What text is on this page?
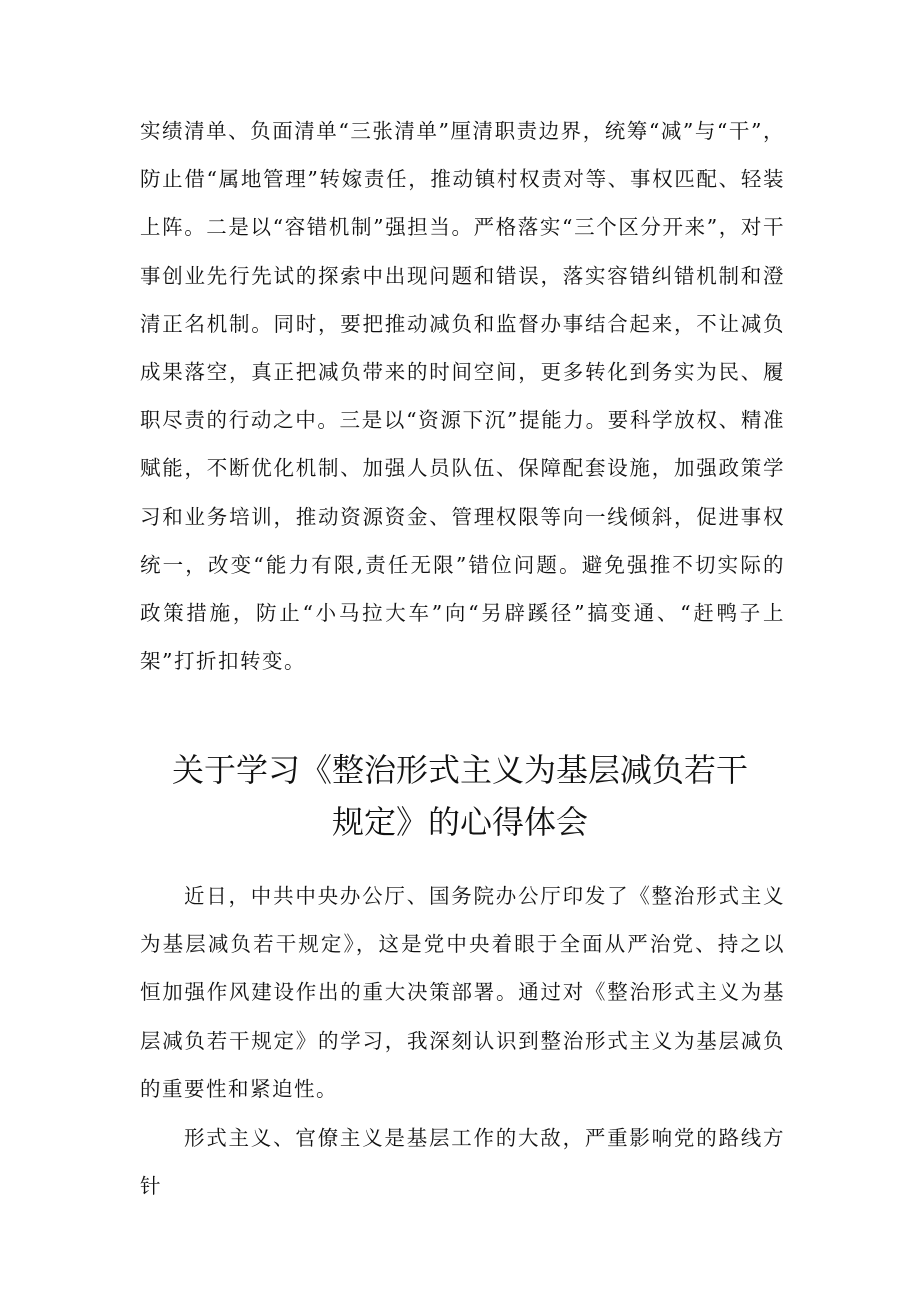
实绩清单、负面清单“三张清单”厘清职责边界，统筹“减”与“干”，防止借“属地管理”转嫁责任，推动镇村权责对等、事权匹配、轻装上阵。二是以“容错机制”强担当。严格落实“三个区分开来”，对干事创业先行先试的探索中出现问题和错误，落实容错纠错机制和澄清正名机制。同时，要把推动减负和监督办事结合起来，不让减负成果落空，真正把减负带来的时间空间，更多转化到务实为民、履职尽责的行动之中。三是以“资源下沉”提能力。要科学放权、精准赋能，不断优化机制、加强人员队伍、保障配套设施，加强政策学习和业务培训，推动资源资金、管理权限等向一线倾斜，促进事权统一，改变“能力有限,责任无限”错位问题。避免强推不切实际的政策措施，防止“小马拉大车”向“另辟蹊径”搞变通、“赶鸭子上架”打折扣转变。

关于学习《整治形式主义为基层减负若干
规定》的心得体会

近日，中共中央办公厅、国务院办公厅印发了《整治形式主义为基层减负若干规定》，这是党中央着眼于全面从严治党、持之以恒加强作风建设作出的重大决策部署。通过对《整治形式主义为基层减负若干规定》的学习，我深刻认识到整治形式主义为基层减负的重要性和紧迫性。

形式主义、官僚主义是基层工作的大敌，严重影响党的路线方针
